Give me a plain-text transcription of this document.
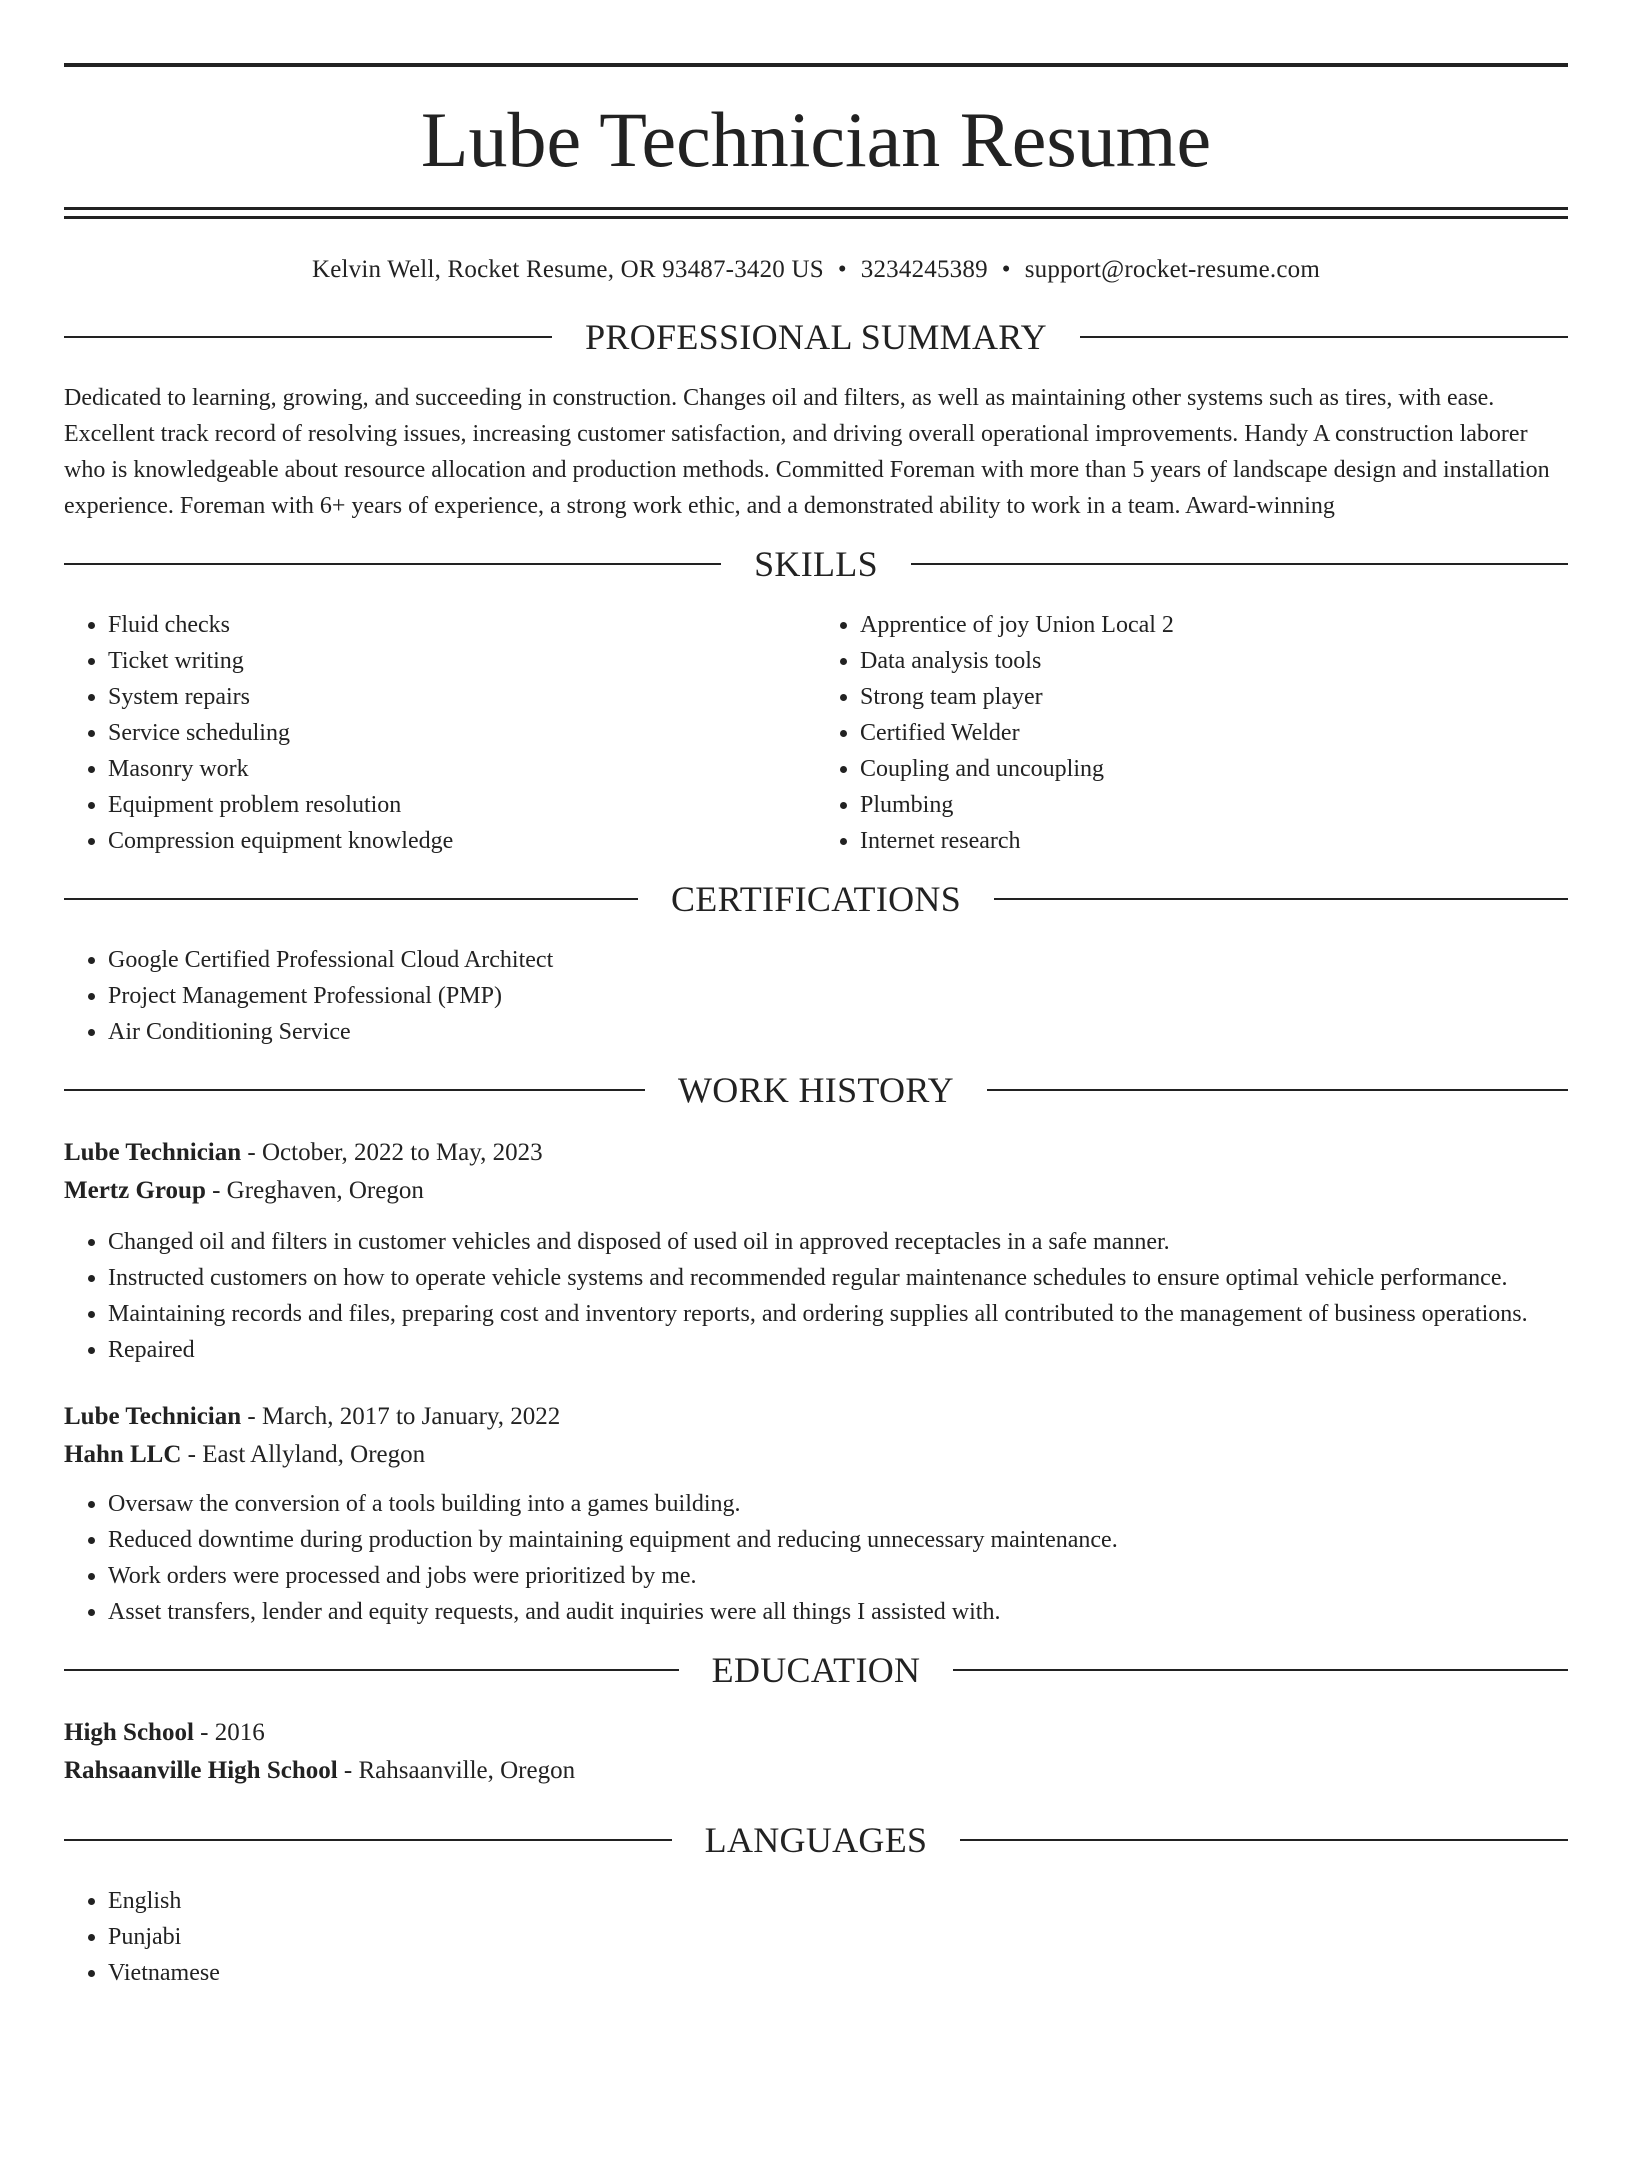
Lube Technician Resume
Kelvin Well, Rocket Resume, OR 93487-3420 US • 3234245389 • support@rocket-resume.com
PROFESSIONAL SUMMARY

Dedicated to learning, growing, and succeeding in construction. Changes oil and filters, as well as maintaining other systems such as tires, with ease. Excellent track record of resolving issues, increasing customer satisfaction, and driving overall operational improvements. Handy A construction laborer who is knowledgeable about resource allocation and production methods. Committed Foreman with more than 5 years of landscape design and installation experience. Foreman with 6+ years of experience, a strong work ethic, and a demonstrated ability to work in a team. Award-winning

SKILLS
• Fluid checks
• Ticket writing
• System repairs
• Service scheduling
• Masonry work
• Equipment problem resolution
• Compression equipment knowledge
• Apprentice of joy Union Local 2
• Data analysis tools
• Strong team player
• Certified Welder
• Coupling and uncoupling
• Plumbing
• Internet research
CERTIFICATIONS
• Google Certified Professional Cloud Architect
• Project Management Professional (PMP)
• Air Conditioning Service
WORK HISTORY

Lube Technician - October, 2022 to May, 2023

Mertz Group - Greghaven, Oregon

• Changed oil and filters in customer vehicles and disposed of used oil in approved receptacles in a safe manner.
• Instructed customers on how to operate vehicle systems and recommended regular maintenance schedules to ensure optimal vehicle performance.
• Maintaining records and files, preparing cost and inventory reports, and ordering supplies all contributed to the management of business operations.
• Repaired

Lube Technician - March, 2017 to January, 2022

Hahn LLC - East Allyland, Oregon

• Oversaw the conversion of a tools building into a games building.
• Reduced downtime during production by maintaining equipment and reducing unnecessary maintenance.
• Work orders were processed and jobs were prioritized by me.
• Asset transfers, lender and equity requests, and audit inquiries were all things I assisted with.
EDUCATION

High School - 2016

Rahsaanville High School - Rahsaanville, Oregon

LANGUAGES
• English
• Punjabi
• Vietnamese
